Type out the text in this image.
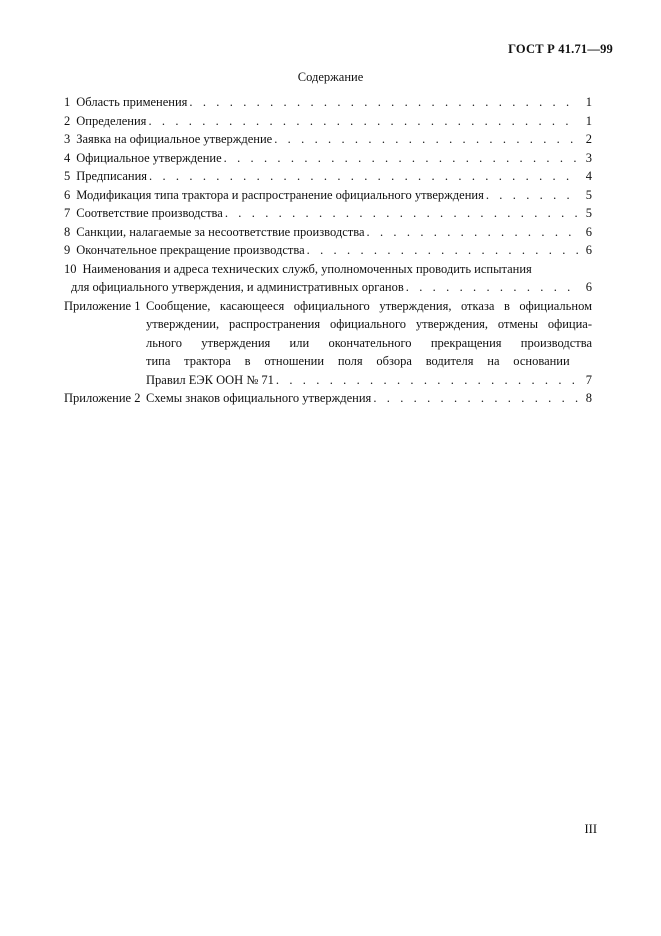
ГОСТ Р 41.71—99
Содержание
1 Область применения . . .	1
2 Определения . . .	1
3 Заявка на официальное утверждение . . .	2
4 Официальное утверждение . . .	3
5 Предписания . . .	4
6 Модификация типа трактора и распространение официального утверждения . . .	5
7 Соответствие производства . . .	5
8 Санкции, налагаемые за несоответствие производства . . .	6
9 Окончательное прекращение производства . . .	6
10 Наименования и адреса технических служб, уполномоченных проводить испытания
для официального утверждения, и административных органов . . .	6
Приложение 1 Сообщение, касающееся официального утверждения, отказа в официальном
утверждении, распространения официального утверждения, отмены официа-
льного утверждения или окончательного прекращения производства
типа трактора в отношении поля обзора водителя на основании
Правил ЕЭК ООН № 71 . . .	7
Приложение 2 Схемы знаков официального утверждения . . .	8
III
